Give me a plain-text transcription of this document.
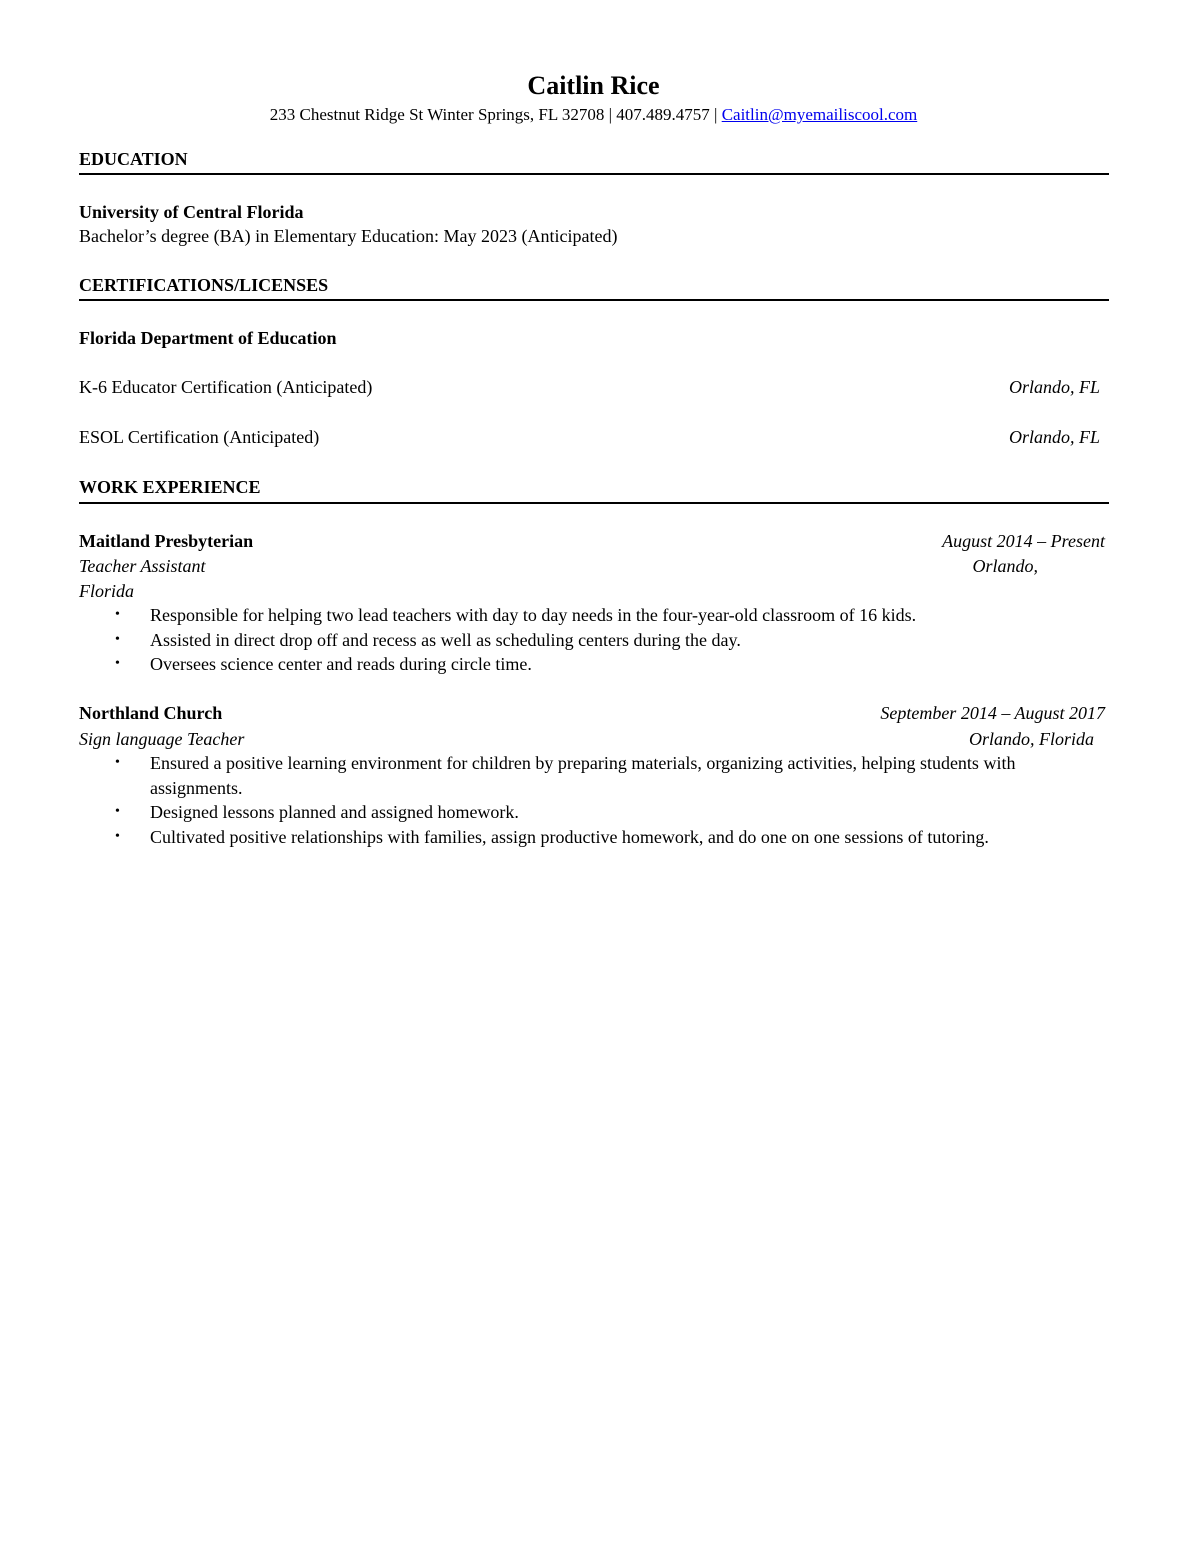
Caitlin Rice
233 Chestnut Ridge St Winter Springs, FL 32708 | 407.489.4757 | Caitlin@myemailiscool.com
EDUCATION
University of Central Florida
Bachelor’s degree (BA) in Elementary Education: May 2023 (Anticipated)
CERTIFICATIONS/LICENSES
Florida Department of Education
K-6 Educator Certification (Anticipated)	Orlando, FL
ESOL Certification (Anticipated)	Orlando, FL
WORK EXPERIENCE
Maitland Presbyterian	August 2014 – Present
Teacher Assistant	Orlando,
Florida
• Responsible for helping two lead teachers with day to day needs in the four-year-old classroom of 16 kids.
• Assisted in direct drop off and recess as well as scheduling centers during the day.
• Oversees science center and reads during circle time.
Northland Church	September 2014 – August 2017
Sign language Teacher	Orlando, Florida
• Ensured a positive learning environment for children by preparing materials, organizing activities, helping students with assignments.
• Designed lessons planned and assigned homework.
• Cultivated positive relationships with families, assign productive homework, and do one on one sessions of tutoring.
